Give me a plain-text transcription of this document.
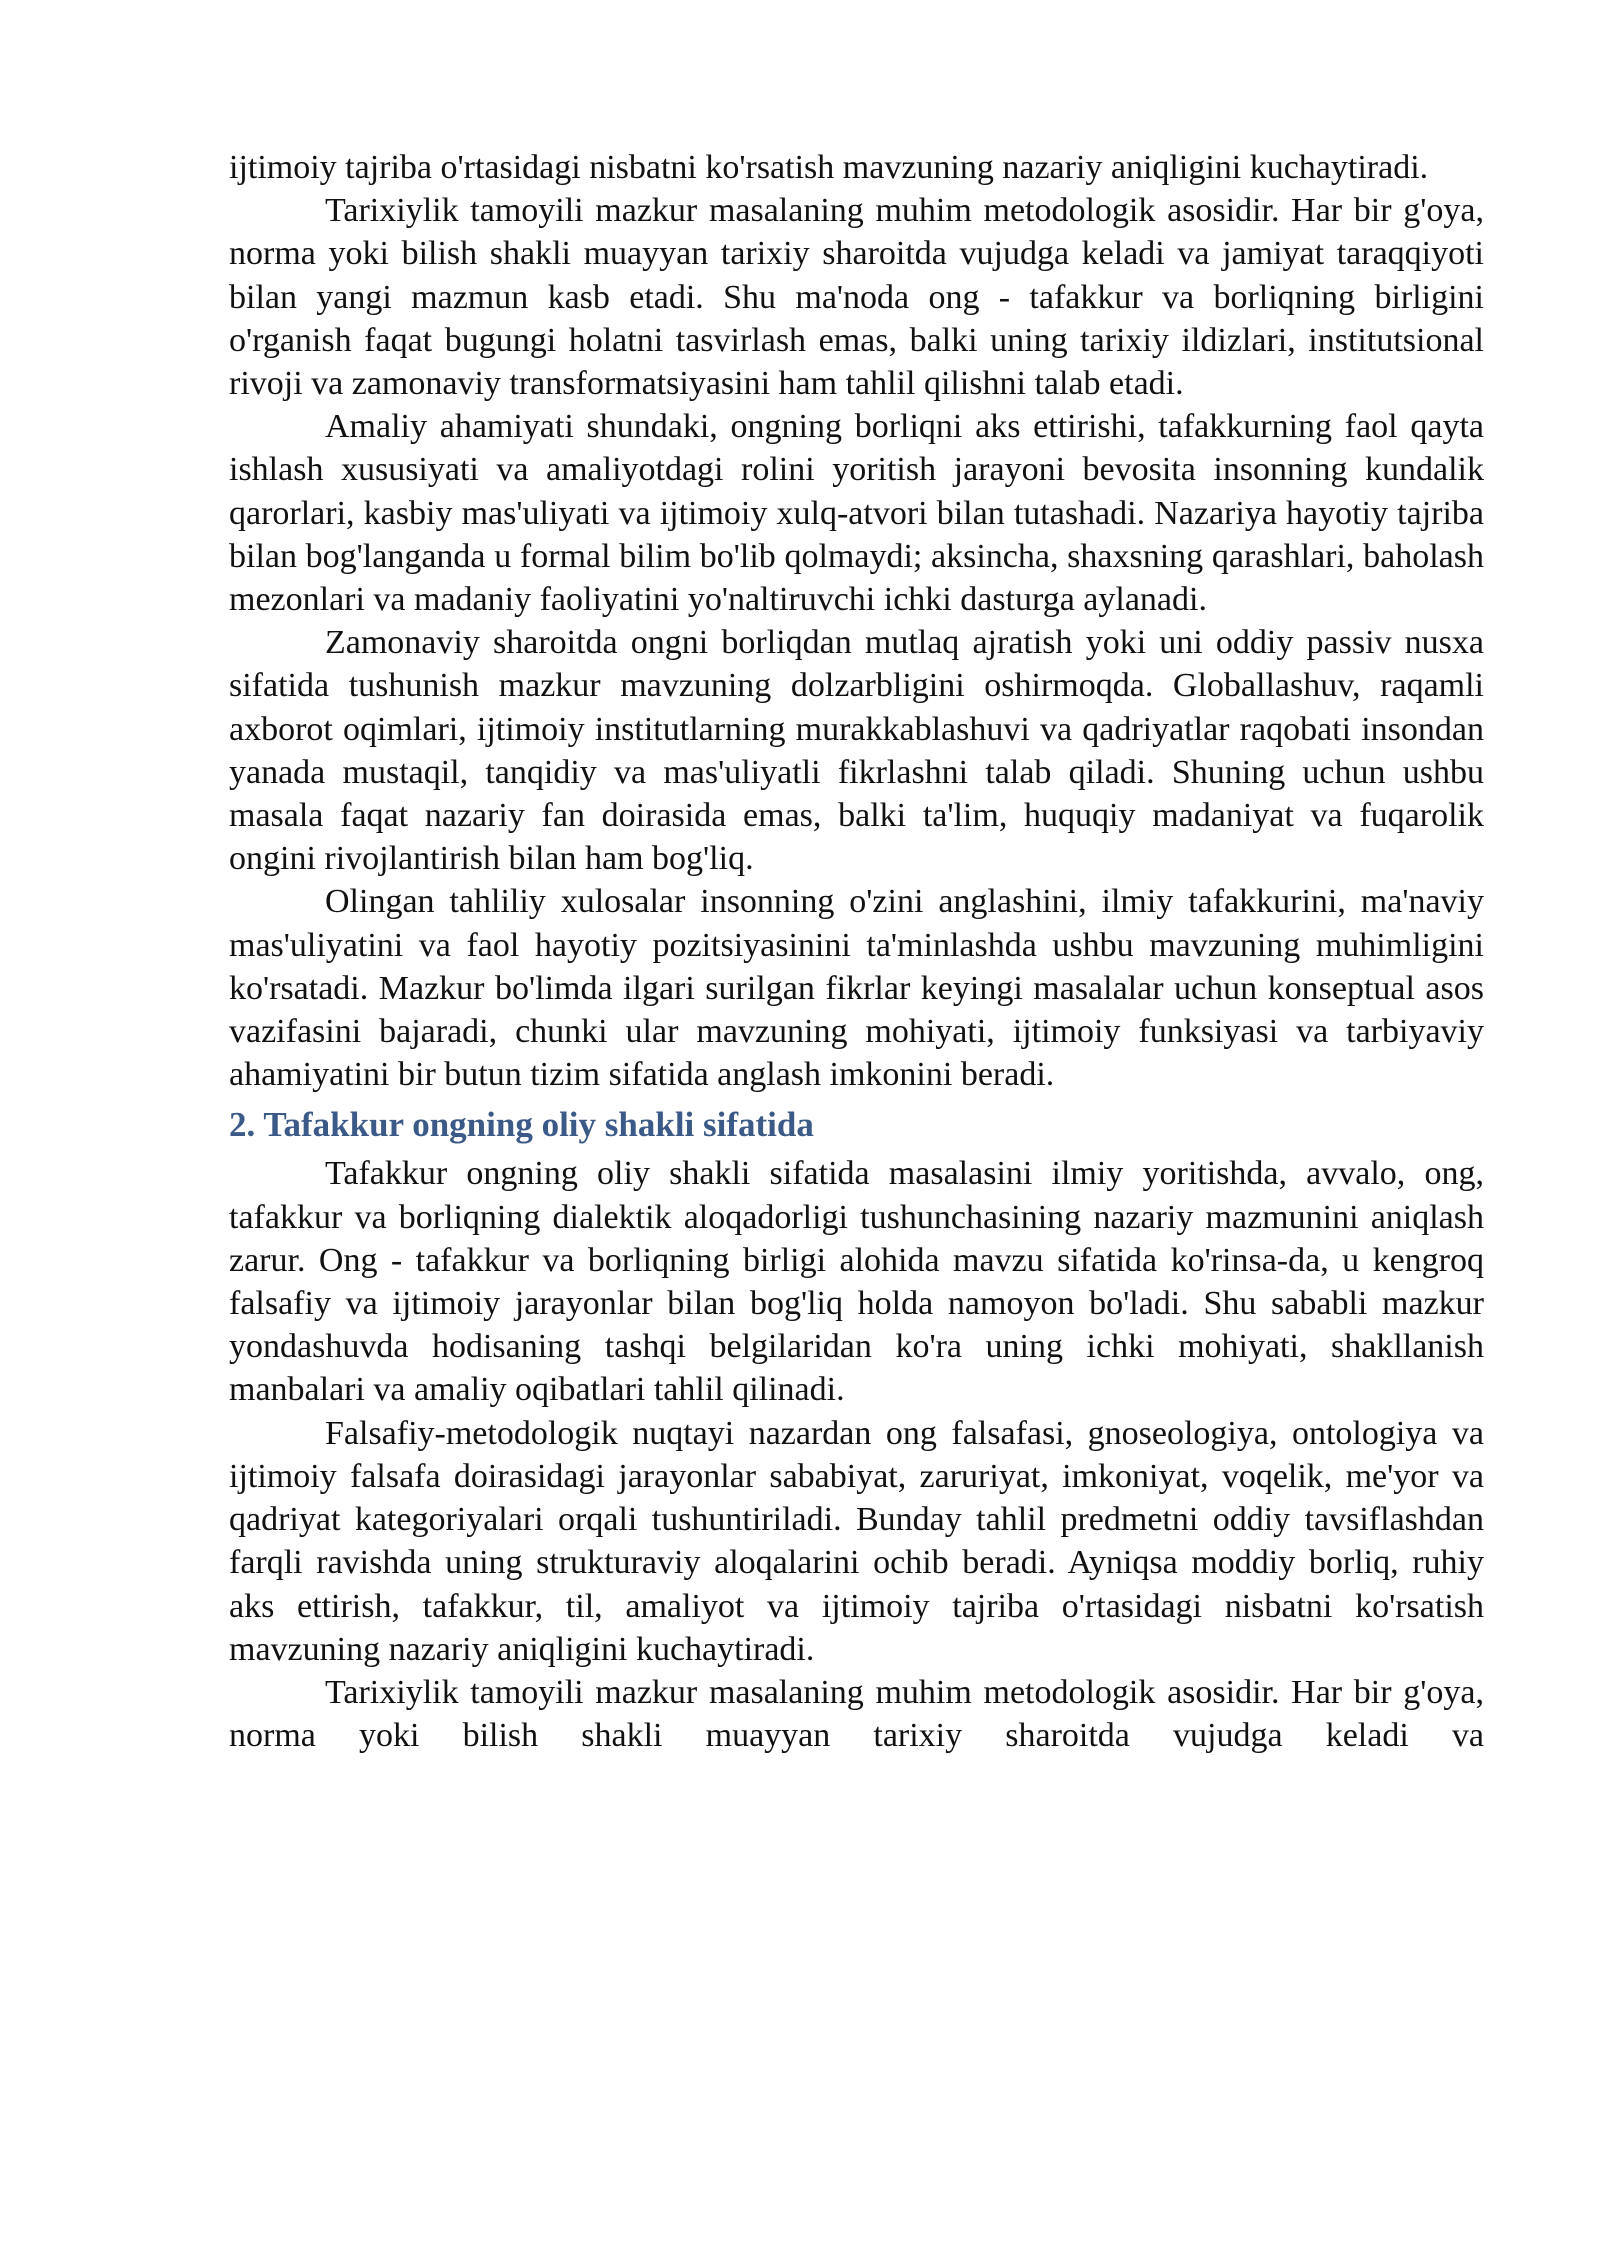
ijtimoiy tajriba o'rtasidagi nisbatni ko'rsatish mavzuning nazariy aniqligini kuchaytiradi.

Tarixiylik tamoyili mazkur masalaning muhim metodologik asosidir. Har bir g'oya, norma yoki bilish shakli muayyan tarixiy sharoitda vujudga keladi va jamiyat taraqqiyoti bilan yangi mazmun kasb etadi. Shu ma'noda ong - tafakkur va borliqning birligini o'rganish faqat bugungi holatni tasvirlash emas, balki uning tarixiy ildizlari, institutsional rivoji va zamonaviy transformatsiyasini ham tahlil qilishni talab etadi.

Amaliy ahamiyati shundaki, ongning borliqni aks ettirishi, tafakkurning faol qayta ishlash xususiyati va amaliyotdagi rolini yoritish jarayoni bevosita insonning kundalik qarorlari, kasbiy mas'uliyati va ijtimoiy xulq-atvori bilan tutashadi. Nazariya hayotiy tajriba bilan bog'langanda u formal bilim bo'lib qolmaydi; aksincha, shaxsning qarashlari, baholash mezonlari va madaniy faoliyatini yo'naltiruvchi ichki dasturga aylanadi.

Zamonaviy sharoitda ongni borliqdan mutlaq ajratish yoki uni oddiy passiv nusxa sifatida tushunish mazkur mavzuning dolzarbligini oshirmoqda. Globallashuv, raqamli axborot oqimlari, ijtimoiy institutlarning murakkablashuvi va qadriyatlar raqobati insondan yanada mustaqil, tanqidiy va mas'uliyatli fikrlashni talab qiladi. Shuning uchun ushbu masala faqat nazariy fan doirasida emas, balki ta'lim, huquqiy madaniyat va fuqarolik ongini rivojlantirish bilan ham bog'liq.

Olingan tahliliy xulosalar insonning o'zini anglashini, ilmiy tafakkurini, ma'naviy mas'uliyatini va faol hayotiy pozitsiyasinini ta'minlashda ushbu mavzuning muhimligini ko'rsatadi. Mazkur bo'limda ilgari surilgan fikrlar keyingi masalalar uchun konseptual asos vazifasini bajaradi, chunki ular mavzuning mohiyati, ijtimoiy funksiyasi va tarbiyaviy ahamiyatini bir butun tizim sifatida anglash imkonini beradi.

2. Tafakkur ongning oliy shakli sifatida

Tafakkur ongning oliy shakli sifatida masalasini ilmiy yoritishda, avvalo, ong, tafakkur va borliqning dialektik aloqadorligi tushunchasining nazariy mazmunini aniqlash zarur. Ong - tafakkur va borliqning birligi alohida mavzu sifatida ko'rinsa-da, u kengroq falsafiy va ijtimoiy jarayonlar bilan bog'liq holda namoyon bo'ladi. Shu sababli mazkur yondashuvda hodisaning tashqi belgilaridan ko'ra uning ichki mohiyati, shakllanish manbalari va amaliy oqibatlari tahlil qilinadi.

Falsafiy-metodologik nuqtayi nazardan ong falsafasi, gnoseologiya, ontologiya va ijtimoiy falsafa doirasidagi jarayonlar sababiyat, zaruriyat, imkoniyat, voqelik, me'yor va qadriyat kategoriyalari orqali tushuntiriladi. Bunday tahlil predmetni oddiy tavsiflashdan farqli ravishda uning strukturaviy aloqalarini ochib beradi. Ayniqsa moddiy borliq, ruhiy aks ettirish, tafakkur, til, amaliyot va ijtimoiy tajriba o'rtasidagi nisbatni ko'rsatish mavzuning nazariy aniqligini kuchaytiradi.

Tarixiylik tamoyili mazkur masalaning muhim metodologik asosidir. Har bir g'oya, norma yoki bilish shakli muayyan tarixiy sharoitda vujudga keladi va
